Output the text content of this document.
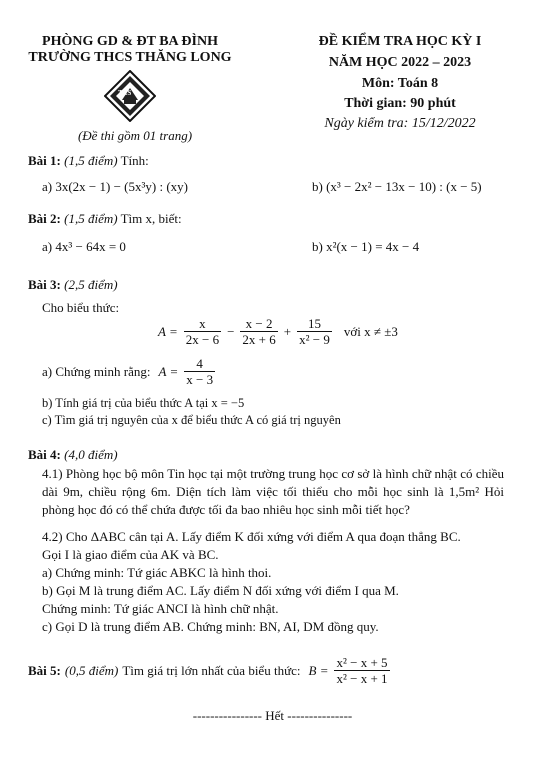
PHÒNG GD & ĐT BA ĐÌNH
TRƯỜNG THCS THĂNG LONG
TLS
(Đề thi gồm 01 trang)
ĐỀ KIỂM TRA HỌC KỲ I
NĂM HỌC 2022 – 2023
Môn: Toán 8
Thời gian: 90 phút
Ngày kiểm tra: 15/12/2022
Bài 1: (1,5 điểm) Tính:
a) 3x(2x − 1) − (5x³y) : (xy)	b) (x³ − 2x² − 13x − 10) : (x − 5)
Bài 2: (1,5 điểm) Tìm x, biết:
a) 4x³ − 64x = 0	b) x²(x − 1) = 4x − 4
Bài 3: (2,5 điểm)
Cho biểu thức:
$A = \frac{x}{2x - 6} - \frac{x - 2}{2x + 6} + \frac{15}{\text{x² − 9}}$ với x ≠ ±3
a) Chứng minh rằng: $A = \frac{4}{x - 3}$
b) Tính giá trị của biểu thức A tại x = −5
c) Tìm giá trị nguyên của x để biểu thức A có giá trị nguyên
Bài 4: (4,0 điểm)
4.1) Phòng học bộ môn Tin học tại một trường trung học cơ sở là hình chữ nhật có chiều dài 9m, chiều rộng 6m. Diện tích làm việc tối thiểu cho mỗi học sinh là 1,5m² Hỏi phòng học đó có thể chứa được tối đa bao nhiêu học sinh mỗi tiết học?
4.2) Cho ΔABC cân tại A. Lấy điểm K đối xứng với điểm A qua đoạn thẳng BC.
Gọi I là giao điểm của AK và BC.
a) Chứng minh: Tứ giác ABKC là hình thoi.
b) Gọi M là trung điểm AC. Lấy điểm N đối xứng với điểm I qua M.
Chứng minh: Tứ giác ANCI là hình chữ nhật.
c) Gọi D là trung điểm AB. Chứng minh: BN, AI, DM đồng quy.
Bài 5: (0,5 điểm) Tìm giá trị lớn nhất của biểu thức: $B = \frac{\text{x² − x + 5}}{\text{x² − x + 1}}$
---------------- Hết ---------------
